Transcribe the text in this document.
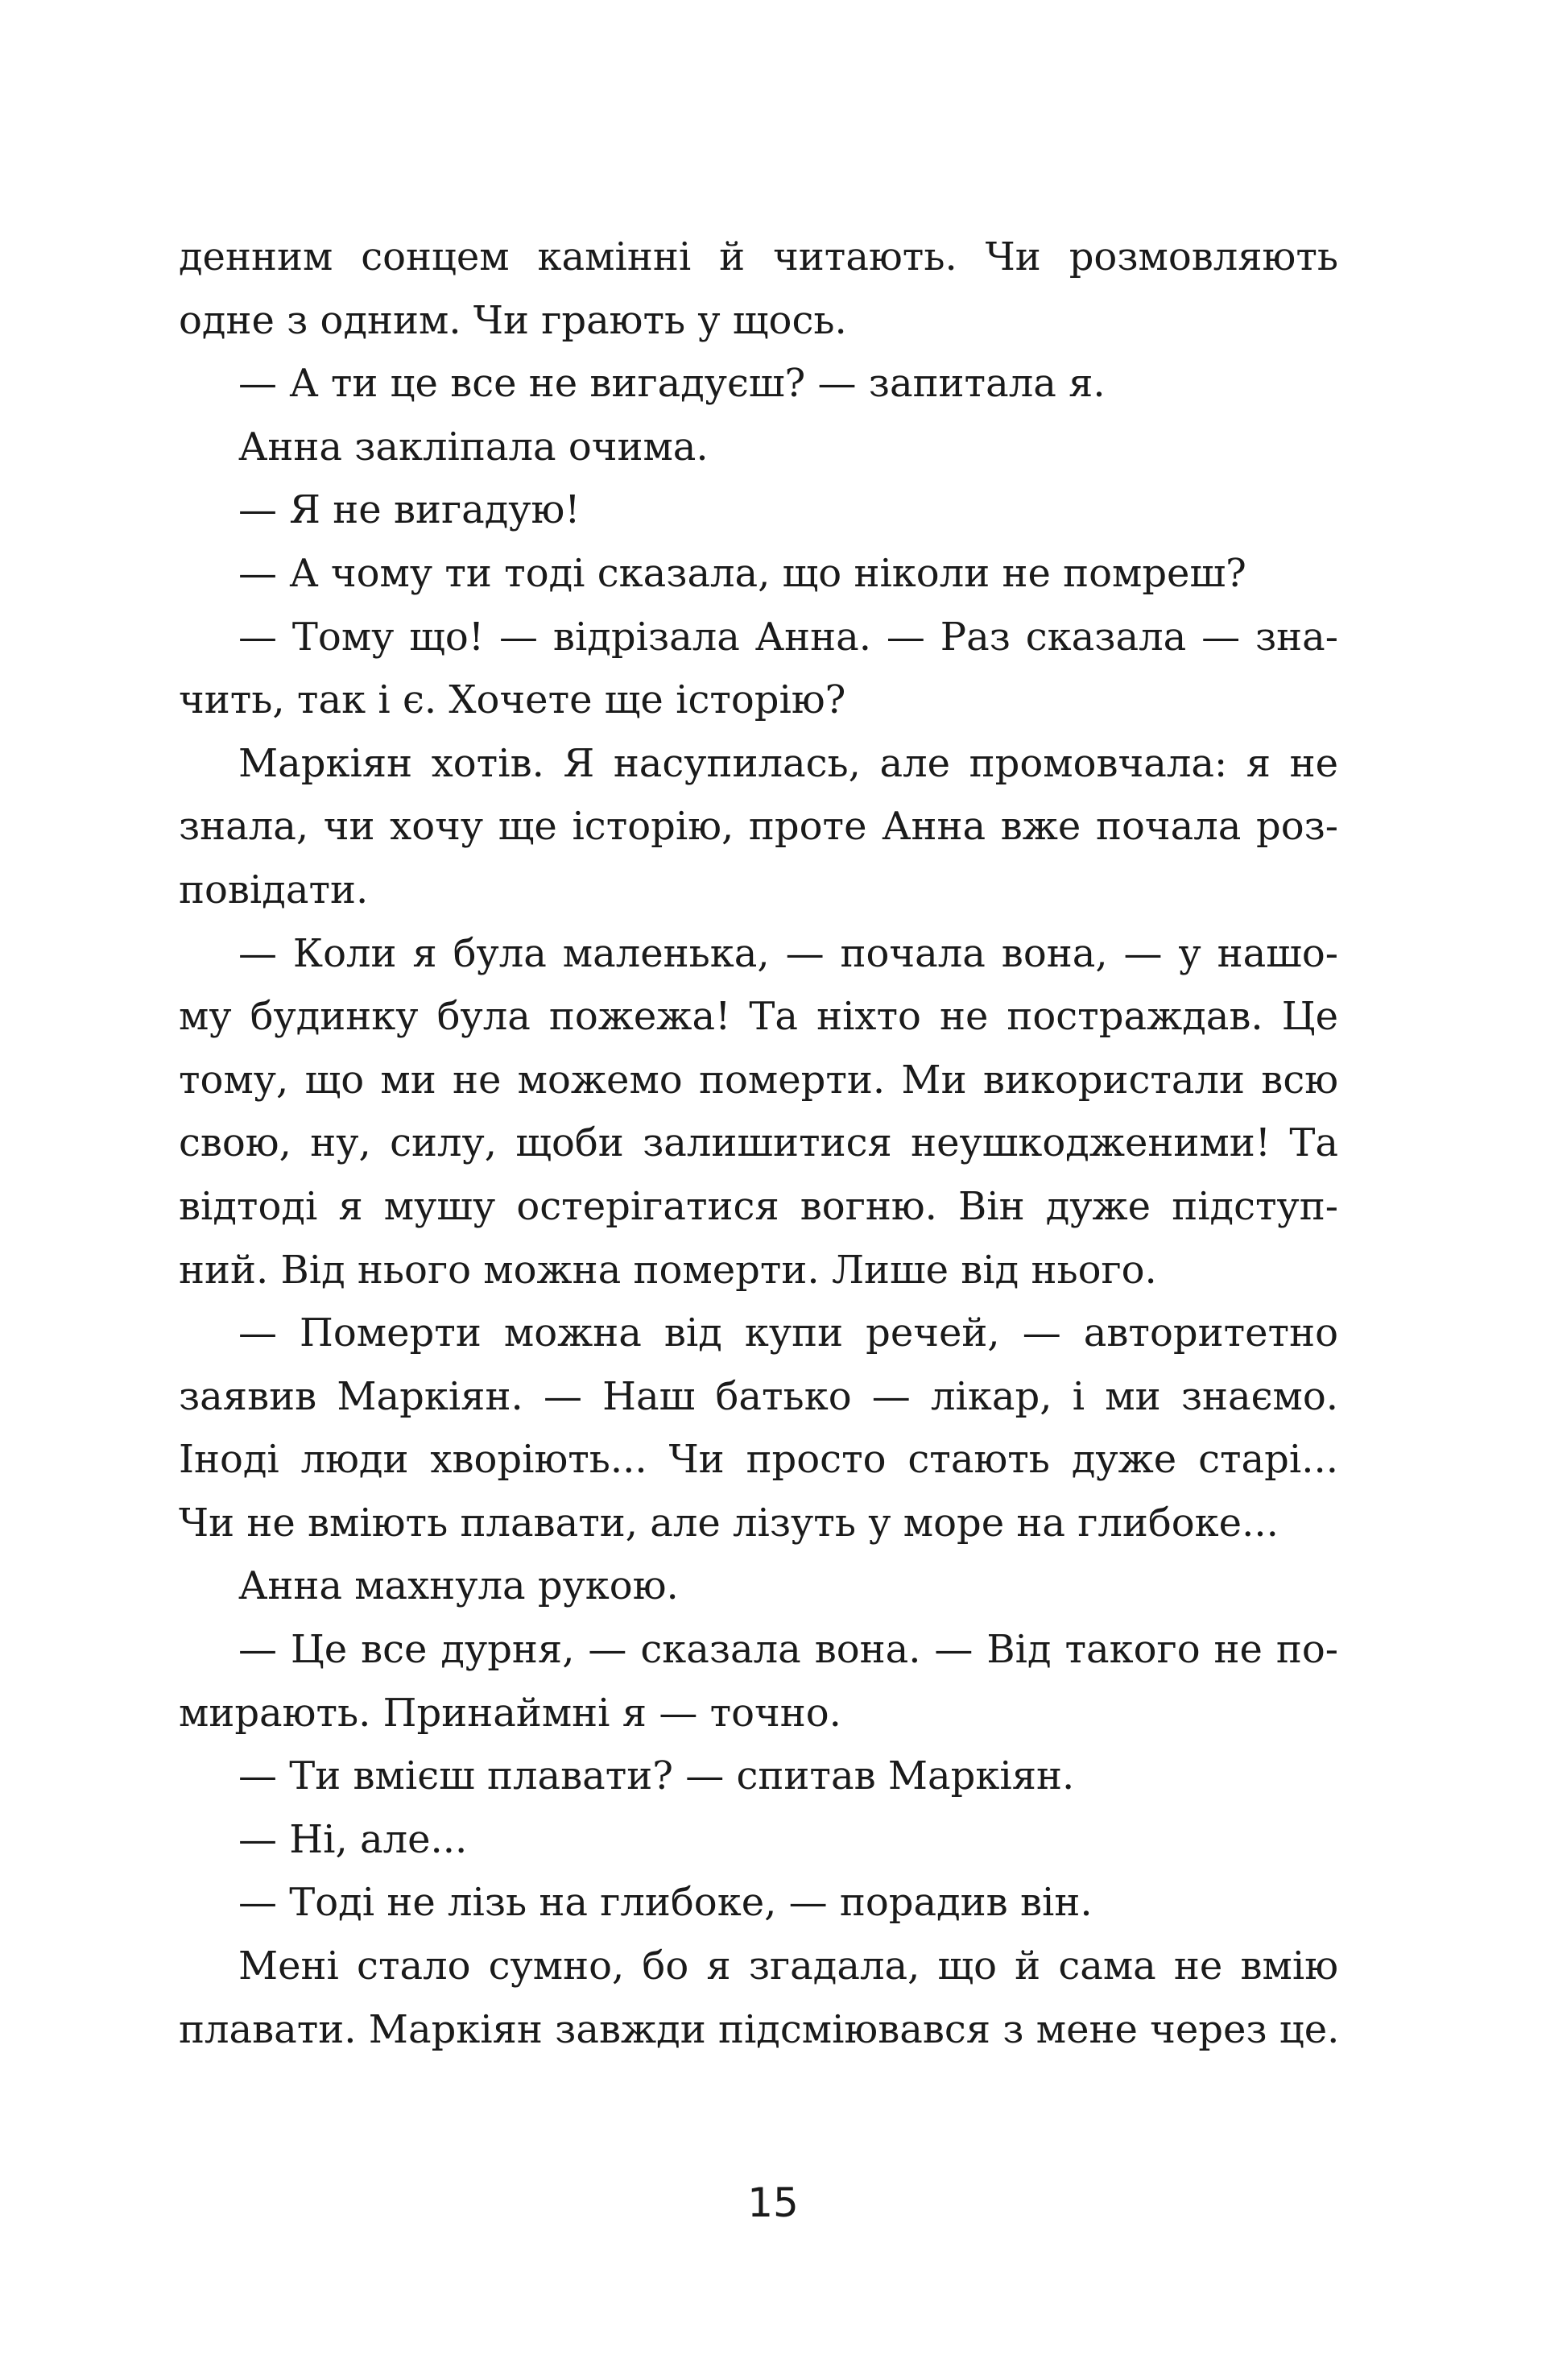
денним сонцем камінні й читають. Чи розмовляють
одне з одним. Чи грають у щось.
— А ти це все не вигадуєш? — запитала я.
Анна закліпала очима.
— Я не вигадую!
— А чому ти тоді сказала, що ніколи не помреш?
— Тому що! — відрізала Анна. — Раз сказала — зна-
чить, так і є. Хочете ще історію?
Маркіян хотів. Я насупилась, але промовчала: я не
знала, чи хочу ще історію, проте Анна вже почала роз-
повідати.
— Коли я була маленька, — почала вона, — у нашо-
му будинку була пожежа! Та ніхто не постраждав. Це
тому, що ми не можемо померти. Ми використали всю
свою, ну, силу, щоби залишитися неушкодженими! Та
відтоді я мушу остерігатися вогню. Він дуже підступ-
ний. Від нього можна померти. Лише від нього.
— Померти можна від купи речей, — авторитетно
заявив Маркіян. — Наш батько — лікар, і ми знаємо.
Іноді люди хворіють... Чи просто стають дуже старі...
Чи не вміють плавати, але лізуть у море на глибоке...
Анна махнула рукою.
— Це все дурня, — сказала вона. — Від такого не по-
мирають. Принаймні я — точно.
— Ти вмієш плавати? — спитав Маркіян.
— Ні, але...
— Тоді не лізь на глибоке, — порадив він.
Мені стало сумно, бо я згадала, що й сама не вмію
плавати. Маркіян завжди підсміювався з мене через це.
15
